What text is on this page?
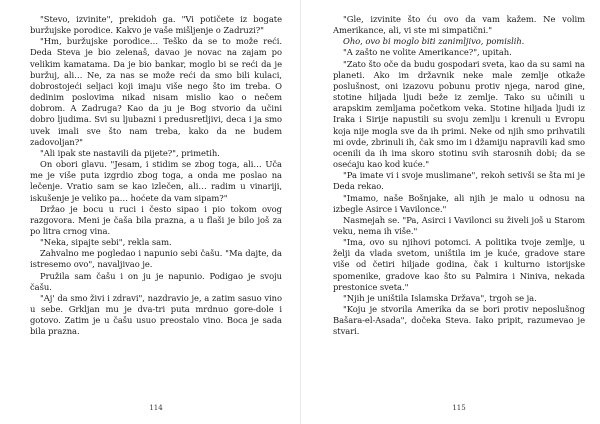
"Stevo, izvinite", prekidoh ga. "Vi potičete iz bogate buržujske porodice. Kakvo je vaše mišljenje o Zadruzi?"

"Hm, buržujske porodice… Teško da se to može reći. Deda Steva je bio zelenaš, davao je novac na zajam po velikim kamatama. Da je bio bankar, moglo bi se reći da je buržuj, ali… Ne, za nas se može reći da smo bili kulaci, dobrostojeći seljaci koji imaju više nego što im treba. O dedinim poslovima nikad nisam mislio kao o nečem dobrom. A Zadruga? Kao da ju je Bog stvorio da učini dobro ljudima. Svi su ljubazni i predusretljivi, deca i ja smo uvek imali sve što nam treba, kako da ne budem zadovoljan?"

"Ali ipak ste nastavili da pijete?", primetih.

On obori glavu. "Jesam, i stidim se zbog toga, ali… Uča me je više puta izgrdio zbog toga, a onda me poslao na lečenje. Vratio sam se kao izlečen, ali… radim u vinariji, iskušenje je veliko pa… hoćete da vam sipam?"

Držao je bocu u ruci i često sipao i pio tokom ovog razgovora. Meni je čaša bila prazna, a u flaši je bilo još za po litra crnog vina.

"Neka, sipajte sebi", rekla sam.

Zahvalno me pogledao i napunio sebi čašu. "Ma dajte, da istresemo ovo", navaljivao je.

Pružila sam čašu i on ju je napunio. Podigao je svoju čašu.

"Aj' da smo živi i zdravi", nazdravio je, a zatim sasuo vino u sebe. Grkljan mu je dva-tri puta mrdnuo gore-dole i gotovo. Zatim je u čašu usuo preostalo vino. Boca je sada bila prazna.

114

"Gle, izvinite što ću ovo da vam kažem. Ne volim Amerikance, ali, vi ste mi simpatični."

Oho, ovo bi moglo biti zanimljivo, pomislih.

"A zašto ne volite Amerikance?", upitah.

"Zato što oče da budu gospodari sveta, kao da su sami na planeti. Ako im državnik neke male zemlje otkaže poslušnost, oni izazovu pobunu protiv njega, narod gine, stotine hiljada ljudi beže iz zemlje. Tako su učinili u arapskim zemljama početkom veka. Stotine hiljada ljudi iz Iraka i Sirije napustili su svoju zemlju i krenuli u Evropu koja nije mogla sve da ih primi. Neke od njih smo prihvatili mi ovde, zbrinuli ih, čak smo im i džamiju napravili kad smo ocenili da ih ima skoro stotinu svih starosnih dobi; da se osećaju kao kod kuće."

"Pa imate vi i svoje muslimane", rekoh setivši se šta mi je Deda rekao.

"Imamo, naše Bošnjake, ali njih je malo u odnosu na izbegle Asirce i Vavilonce."

Nasmejah se. "Pa, Asirci i Vavilonci su živeli još u Starom veku, nema ih više."

"Ima, ovo su njihovi potomci. A politika tvoje zemlje, u želji da vlada svetom, uništila im je kuće, gradove stare više od četiri hiljade godina, čak i kulturno istorijske spomenike, gradove kao što su Palmira i Ninivа, nekada prestonice sveta."

"Njih je uništila Islamska Država", trgoh se ja.

"Koju je stvorila Amerika da se bori protiv neposlušnog Bašara-el-Asada", dočeka Steva. Iako pripit, razumevao je stvari.

115
